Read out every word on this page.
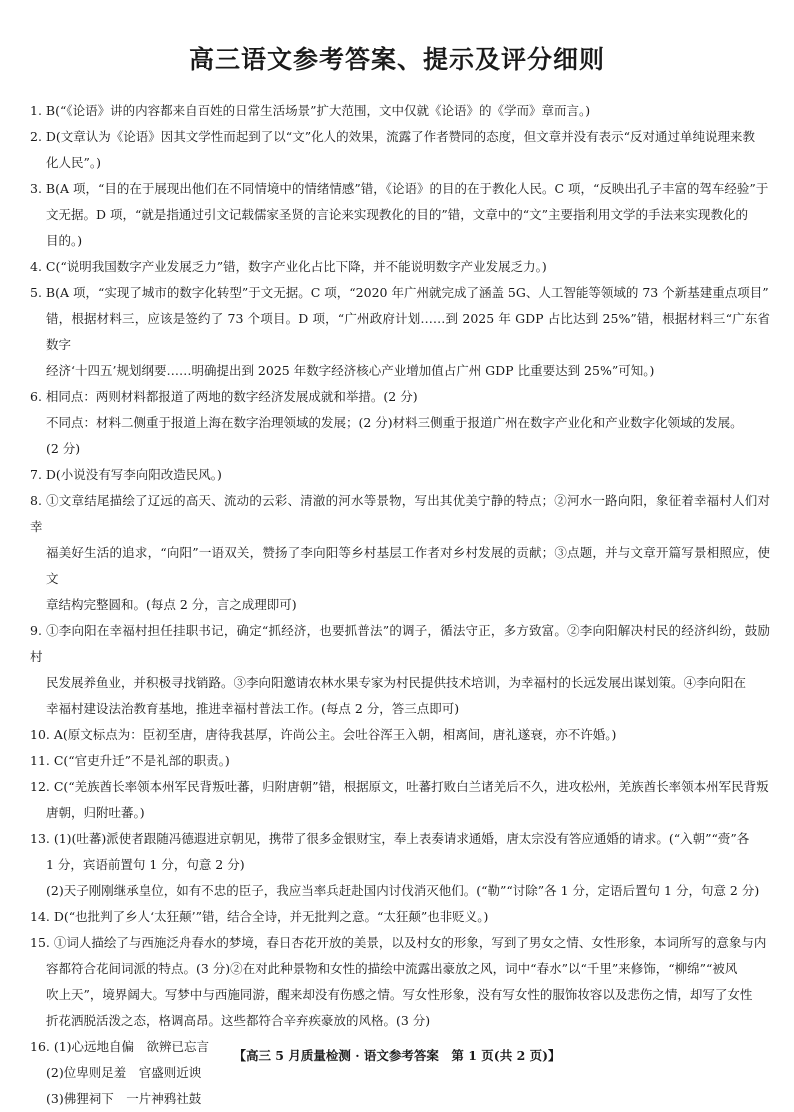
高三语文参考答案、提示及评分细则

1. B(“《论语》讲的内容都来自百姓的日常生活场景”扩大范围，文中仅就《论语》的《学而》章而言。)

2. D(文章认为《论语》因其文学性而起到了以“文”化人的效果，流露了作者赞同的态度，但文章并没有表示“反对通过单纯说理来教

化人民”。)

3. B(A 项，“目的在于展现出他们在不同情境中的情绪情感”错，《论语》的目的在于教化人民。C 项，“反映出孔子丰富的驾车经验”于

文无据。D 项，“就是指通过引文记载儒家圣贤的言论来实现教化的目的”错，文章中的“文”主要指利用文学的手法来实现教化的

目的。)

4. C(“说明我国数字产业发展乏力”错，数字产业化占比下降，并不能说明数字产业发展乏力。)

5. B(A 项，“实现了城市的数字化转型”于文无据。C 项，“2020 年广州就完成了涵盖 5G、人工智能等领域的 73 个新基建重点项目”

错，根据材料三，应该是签约了 73 个项目。D 项，“广州政府计划……到 2025 年 GDP 占比达到 25%”错，根据材料三“广东省数字

经济‘十四五’规划纲要……明确提出到 2025 年数字经济核心产业增加值占广州 GDP 比重要达到 25%”可知。)

6. 相同点：两则材料都报道了两地的数字经济发展成就和举措。(2 分)

不同点：材料二侧重于报道上海在数字治理领域的发展；(2 分)材料三侧重于报道广州在数字产业化和产业数字化领域的发展。

(2 分)

7. D(小说没有写李向阳改造民风。)

8. ①文章结尾描绘了辽远的高天、流动的云彩、清澈的河水等景物，写出其优美宁静的特点；②河水一路向阳，象征着幸福村人们对幸

福美好生活的追求，“向阳”一语双关，赞扬了李向阳等乡村基层工作者对乡村发展的贡献；③点题，并与文章开篇写景相照应，使文

章结构完整圆和。(每点 2 分，言之成理即可)

9. ①李向阳在幸福村担任挂职书记，确定“抓经济，也要抓普法”的调子，循法守正，多方致富。②李向阳解决村民的经济纠纷，鼓励村

民发展养鱼业，并积极寻找销路。③李向阳邀请农林水果专家为村民提供技术培训，为幸福村的长远发展出谋划策。④李向阳在

幸福村建设法治教育基地，推进幸福村普法工作。(每点 2 分，答三点即可)

10. A(原文标点为：臣初至唐，唐待我甚厚，许尚公主。会吐谷浑王入朝，相离间，唐礼遂衰，亦不许婚。)

11. C(“官吏升迁”不是礼部的职责。)

12. C(“羌族酋长率领本州军民背叛吐蕃，归附唐朝”错，根据原文，吐蕃打败白兰诸羌后不久，进攻松州，羌族酋长率领本州军民背叛

唐朝，归附吐蕃。)

13. (1)(吐蕃)派使者跟随冯德遐进京朝见，携带了很多金银财宝，奉上表奏请求通婚，唐太宗没有答应通婚的请求。(“入朝”“赍”各

1 分，宾语前置句 1 分，句意 2 分)

(2)天子刚刚继承皇位，如有不忠的臣子，我应当率兵赶赴国内讨伐消灭他们。(“勒”“讨除”各 1 分，定语后置句 1 分，句意 2 分)

14. D(“也批判了乡人‘太狂颠’”错，结合全诗，并无批判之意。“太狂颠”也非贬义。)

15. ①词人描绘了与西施泛舟春水的梦境，春日杏花开放的美景，以及村女的形象，写到了男女之情、女性形象，本词所写的意象与内

容都符合花间词派的特点。(3 分)②在对此种景物和女性的描绘中流露出豪放之风，词中“春水”以“千里”来修饰，“柳绵”“被风

吹上天”，境界阔大。写梦中与西施同游，醒来却没有伤感之情。写女性形象，没有写女性的服饰妆容以及悲伤之情，却写了女性

折花洒脱活泼之态，格调高昂。这些都符合辛弃疾豪放的风格。(3 分)

16. (1)心远地自偏　欲辨已忘言

(2)位卑则足羞　官盛则近谀

(3)佛狸祠下　一片神鸦社鼓

【高三 5 月质量检测 · 语文参考答案　第 1 页(共 2 页)】
